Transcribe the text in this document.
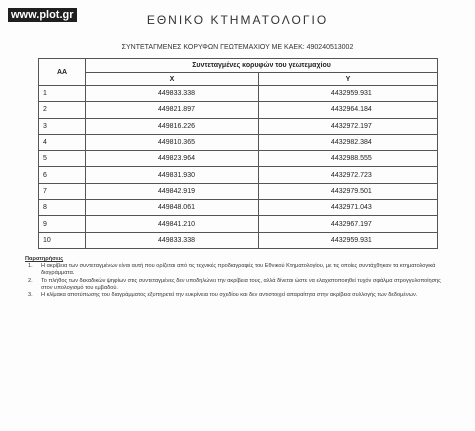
www.plot.gr	ΕΘΝΙΚΟ ΚΤΗΜΑΤΟΛΟΓΙΟ
ΣΥΝΤΕΤΑΓΜΕΝΕΣ ΚΟΡΥΦΩΝ ΓΕΩΤΕΜΑΧΙΟΥ ΜΕ ΚΑΕΚ: 490240513002
ΑΑ	Συντεταγμένες κορυφών του γεωτεμαχίου	
	Χ	Υ
1	449833.338	4432959.931
2	449821.897	4432964.184
3	449816.226	4432972.197
4	449810.365	4432982.384
5	449823.964	4432988.555
6	449831.930	4432972.723
7	449842.919	4432979.501
8	449848.061	4432971.043
9	449841.210	4432967.197
10	449833.338	4432959.931
Παρατηρήσεις
1.	Η ακρίβεια των συντεταγμένων είναι αυτή που ορίζεται από τις τεχνικές προδιαγραφές του Εθνικού Κτηματολογίου, με τις οποίες συντάχθηκαν τα κτηματολογικά διαγράμματα.
2.	Το πλήθος των δεκαδικών ψηφίων στις συντεταγμένες δεν υποδηλώνει την ακρίβεια τους, αλλά δίνεται ώστε να ελαχιστοποιηθεί τυχόν σφάλμα στρογγυλοποίησης στον υπολογισμό του εμβαδού.
3.	Η κλίμακα αποτύπωσης του διαγράμματος εξυπηρετεί την ευκρίνεια του σχεδίου και δεν αντιστοιχεί απαραίτητα στην ακρίβεια συλλογής των δεδομένων.
